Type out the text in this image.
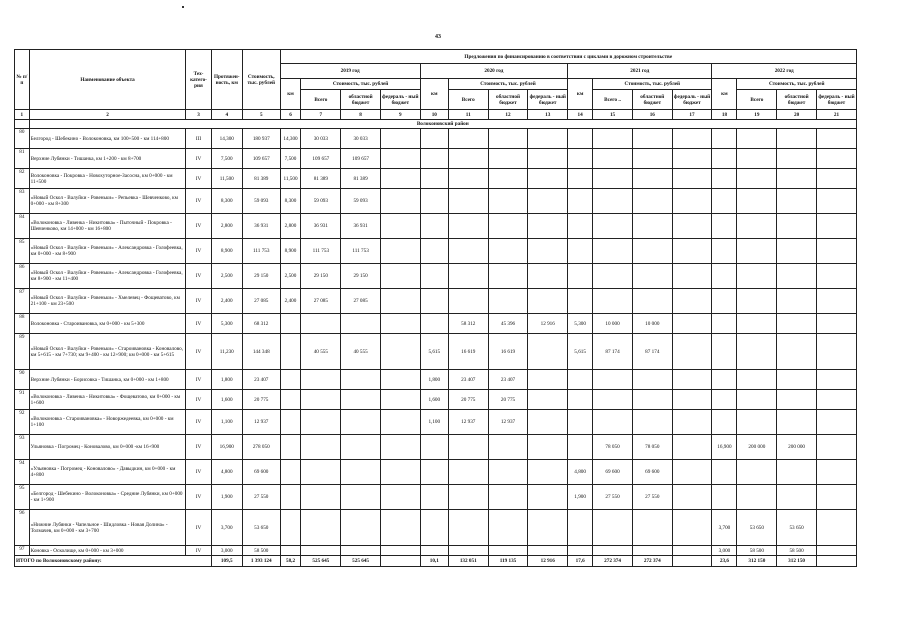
43
№ п/п	Наименование объекта	Тех-катего-рия	Протяжен-ность, км	Стоимость, тыс. рублей	Предложения по финансированию в соответствии с циклами в дорожном строительстве															
					2019 год				2020 год				2021 год				2022 год			
					км	Стоимость, тыс. рублей			км	Стоимость, тыс. рублей			км	Стоимость, тыс. рублей			км	Стоимость, тыс. рублей		
						Всего	областной бюджет	федераль - ный бюджет		Всего	областной бюджет	федераль - ный бюджет		Всего ..	областной бюджет	федераль - ный бюджет		Всего	областной бюджет	федераль - ный бюджет
1	2	3	4	5	6	7	8	9	10	11	12	13	14	15	16	17	18	19	20	21
	Волоконовский район																			
80	Белгород - Шебекино - Волоконовка, км 100+500 - км 114+800	III	14,300	180 937	14,300	30 033	30 033													
81	Верхние Лубянки - Тишанка, км 1+200 - км 8+700	IV	7,500	109 657	7,500	109 657	109 657													
82	Волоконовка - Покровка - Новохуторное-Засосна, км 0+000 - км 11+500	IV	11,500	81 389	11,500	81 389	81 389													
83	«Новый Оскол - Валуйки - Ровеньки» - Репьевка - Шевченково, км 0+000 - км 8+300	IV	8,300	59 093	8,300	59 093	59 093													
84	«Волоконовка - Ливенка - Никитовка» - Пыточный - Покровка - Шевченково, км 14+000 - км 16+800	IV	2,800	36 931	2,800	36 931	36 931													
85	«Новый Оскол - Валуйки - Ровеньки» - Александровка - Голофеевка, км 0+000 - км 8+900	IV	8,900	111 753	8,900	111 753	111 753													
86	«Новый Оскол - Валуйки - Ровеньки» - Александровка - Голофеевка, км 8+900 - км 11+400	IV	2,500	29 150	2,500	29 150	29 150													
87	«Новый Оскол - Валуйки - Ровеньки» - Хмелевец - Фощеватово, км 21+100 - км 23+500	IV	2,400	27 085	2,400	27 085	27 085													
88	Волоконовка - Староивановка, км 0+000 - км 5+300	IV	5,300	68 312						58 312	45 396	12 916	5,300	10 000	10 000					
89	«Новый Оскол - Валуйки - Ровеньки» - Староивановка - Коновалово, км 5+615 - км 7+730; км 9+400 - км 12+900; км 0+000 - км 5+615	IV	11,230	144 348		40 555	40 555		5,615	16 619	16 619		5,615	87 174	87 174					
90	Верхние Лубянки - Борисовка - Тишанка, км 0+000 - км 1+800	IV	1,800	23 407					1,800	23 407	23 407									
91	«Волоконовка - Ливенка - Никитовка» - Фощеватово, км 0+000 - км 1+600	IV	1,600	20 775					1,600	20 775	20 775									
92	«Волоконовка - Староивановка» - Новоржедеевка, км 0+000 - км 1+100	IV	1,100	12 937					1,100	12 937	12 937									
93	Ульяновка - Погромец - Коновалово, км 0+000 -км 16+900	IV	16,900	278 050										78 050	78 050		16,900	200 000	200 000	
94	«Ульяновка - Погромец - Коновалово» - Давыдкин, км 0+000 - км 4+800	IV	4,800	69 600									4,800	69 600	69 600					
95	«Белгород - Шебекино - Волоконовка» - Средние Лубянки, км 0+000 - км 1+900	IV	1,900	27 550									1,900	27 550	27 550					
96	«Нижние Лубянки - Чапельное - Шидловка - Новая Долина» - Толмачев, км 0+000 - км 3+700	IV	3,700	53 650													3,700	53 650	53 650	
97	Коновка - Осколище, км 0+000 - км 3+000	IV	3,000	58 500													3,000	58 500	58 500	
ИТОГО по Волоконовскому району:			109,5	1 393 124	58,2	525 645	525 645		10,1	132 051	119 135	12 916	17,6	272 374	272 374		23,6	312 150	312 150	
